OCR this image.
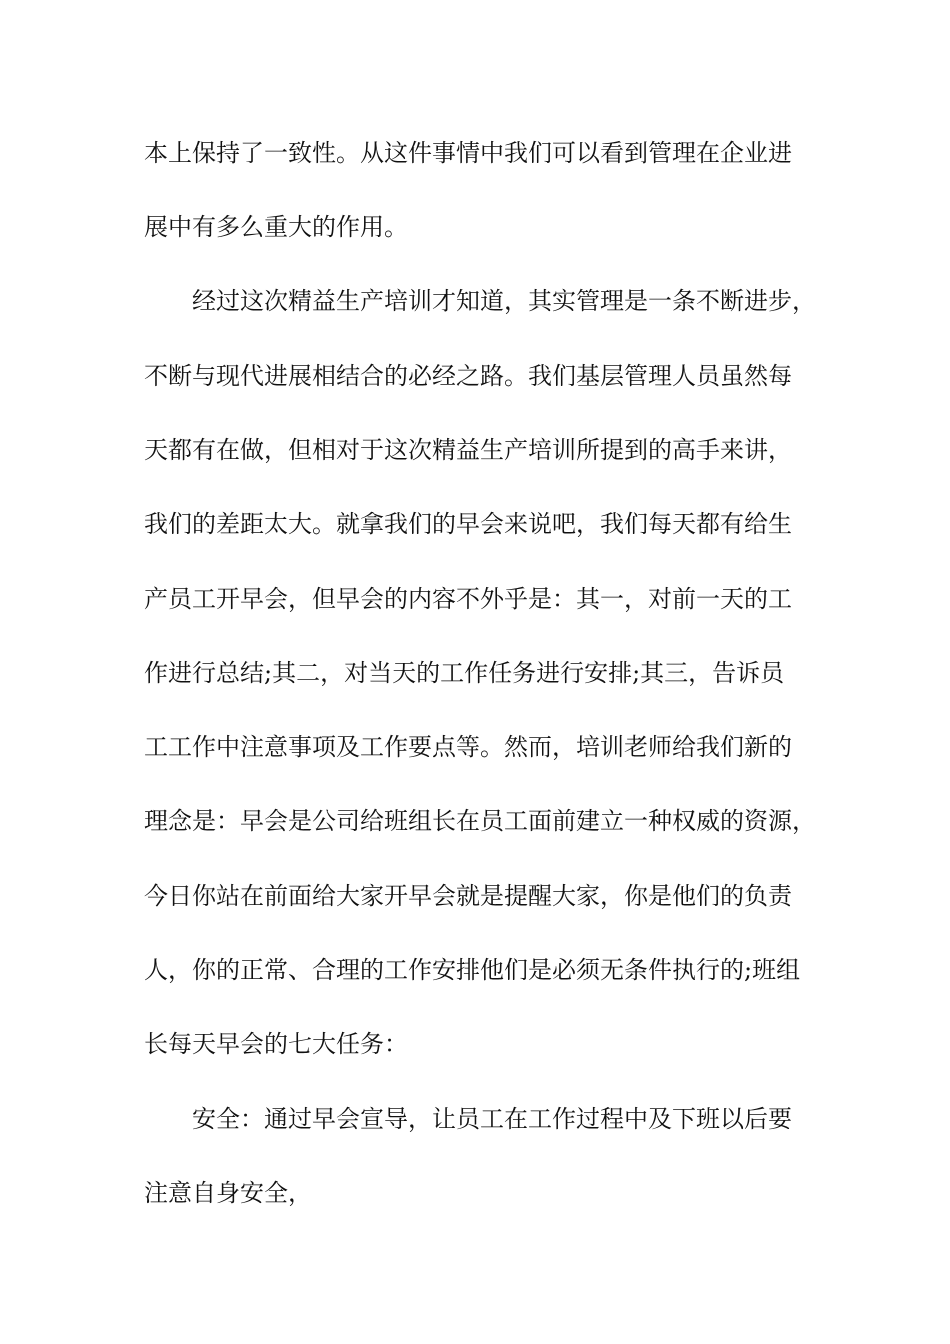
本上保持了一致性。从这件事情中我们可以看到管理在企业进

展中有多么重大的作用。

经过这次精益生产培训才知道，其实管理是一条不断进步，

不断与现代进展相结合的必经之路。我们基层管理人员虽然每

天都有在做，但相对于这次精益生产培训所提到的高手来讲，

我们的差距太大。就拿我们的早会来说吧，我们每天都有给生

产员工开早会，但早会的内容不外乎是：其一，对前一天的工

作进行总结;其二，对当天的工作任务进行安排;其三，告诉员

工工作中注意事项及工作要点等。然而，培训老师给我们新的

理念是：早会是公司给班组长在员工面前建立一种权威的资源，

今日你站在前面给大家开早会就是提醒大家，你是他们的负责

人，你的正常、合理的工作安排他们是必须无条件执行的;班组

长每天早会的七大任务：

安全：通过早会宣导，让员工在工作过程中及下班以后要

注意自身安全，
